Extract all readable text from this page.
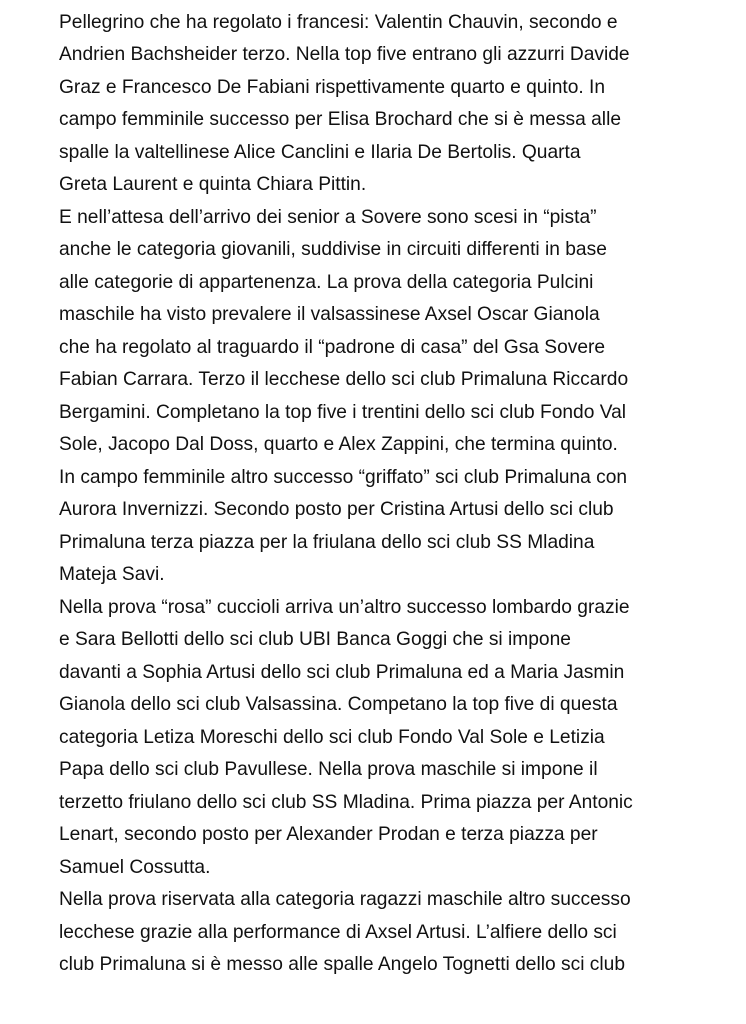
Pellegrino che ha regolato i francesi: Valentin Chauvin, secondo e
Andrien Bachsheider terzo. Nella top five entrano gli azzurri Davide
Graz e Francesco De Fabiani rispettivamente quarto e quinto. In
campo femminile successo per Elisa Brochard che si è messa alle
spalle la valtellinese Alice Canclini e Ilaria De Bertolis. Quarta
Greta Laurent e quinta Chiara Pittin.
E nell’attesa dell’arrivo dei senior a Sovere sono scesi in “pista”
anche le categoria giovanili, suddivise in circuiti differenti in base
alle categorie di appartenenza. La prova della categoria Pulcini
maschile ha visto prevalere il valsassinese Axsel Oscar Gianola
che ha regolato al traguardo il “padrone di casa” del Gsa Sovere
Fabian Carrara. Terzo il lecchese dello sci club Primaluna Riccardo
Bergamini. Completano la top five i trentini dello sci club Fondo Val
Sole, Jacopo Dal Doss, quarto e Alex Zappini, che termina quinto.
In campo femminile altro successo “griffato” sci club Primaluna con
Aurora Invernizzi. Secondo posto per Cristina Artusi dello sci club
Primaluna terza piazza per la friulana dello sci club SS Mladina
Mateja Savi.
Nella prova “rosa” cuccioli arriva un’altro successo lombardo grazie
e Sara Bellotti dello sci club UBI Banca Goggi che si impone
davanti a Sophia Artusi dello sci club Primaluna ed a Maria Jasmin
Gianola dello sci club Valsassina. Competano la top five di questa
categoria Letiza Moreschi dello sci club Fondo Val Sole e Letizia
Papa dello sci club Pavullese. Nella prova maschile si impone il
terzetto friulano dello sci club SS Mladina. Prima piazza per Antonic
Lenart, secondo posto per Alexander Prodan e terza piazza per
Samuel Cossutta.
Nella prova riservata alla categoria ragazzi maschile altro successo
lecchese grazie alla performance di Axsel Artusi. L’alfiere dello sci
club Primaluna si è messo alle spalle Angelo Tognetti dello sci club
